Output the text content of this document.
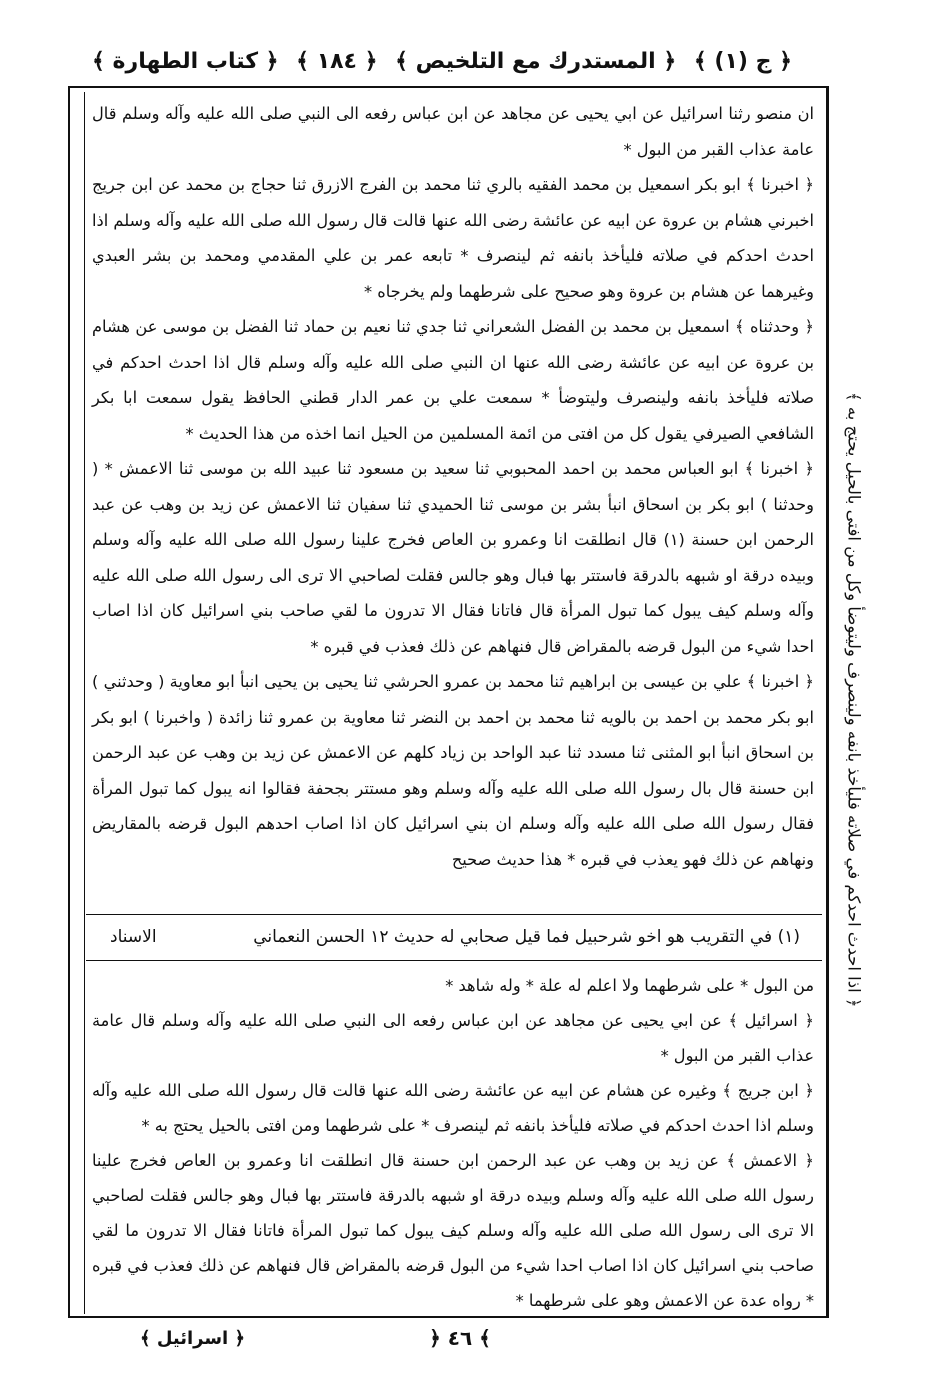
﴿ ج (١) ﴾
﴿ المستدرك مع التلخيص ﴾
﴿ ١٨٤ ﴾
﴿ كتاب الطهارة ﴾

ان منصو رثنا اسرائيل عن ابي يحيى عن مجاهد عن ابن عباس رفعه الى النبي صلى الله عليه وآله وسلم قال عامة عذاب القبر من البول *

﴿ اخبرنا ﴾ ابو بكر اسمعيل بن محمد الفقيه بالري ثنا محمد بن الفرج الازرق ثنا حجاج بن محمد عن ابن جريج اخبرني هشام بن عروة عن ابيه عن عائشة رضى الله عنها قالت قال رسول الله صلى الله عليه وآله وسلم اذا احدث احدكم في صلاته فليأخذ بانفه ثم لينصرف * تابعه عمر بن علي المقدمي ومحمد بن بشر العبدي وغيرهما عن هشام بن عروة وهو صحيح على شرطهما ولم يخرجاه *

﴿ وحدثناه ﴾ اسمعيل بن محمد بن الفضل الشعراني ثنا جدي ثنا نعيم بن حماد ثنا الفضل بن موسى عن هشام بن عروة عن ابيه عن عائشة رضى الله عنها ان النبي صلى الله عليه وآله وسلم قال اذا احدث احدكم في صلاته فليأخذ بانفه ولينصرف وليتوضأ * سمعت علي بن عمر الدار قطني الحافظ يقول سمعت ابا بكر الشافعي الصيرفي يقول كل من افتى من ائمة المسلمين من الحيل انما اخذه من هذا الحديث *

﴿ اخبرنا ﴾ ابو العباس محمد بن احمد المحبوبي ثنا سعيد بن مسعود ثنا عبيد الله بن موسى ثنا الاعمش * ( وحدثنا ) ابو بكر بن اسحاق انبأ بشر بن موسى ثنا الحميدي ثنا سفيان ثنا الاعمش عن زيد بن وهب عن عبد الرحمن ابن حسنة (١) قال انطلقت انا وعمرو بن العاص فخرج علينا رسول الله صلى الله عليه وآله وسلم وبيده درقة او شبهه بالدرقة فاستتر بها فبال وهو جالس فقلت لصاحبي الا ترى الى رسول الله صلى الله عليه وآله وسلم كيف يبول كما تبول المرأة قال فاتانا فقال الا تدرون ما لقي صاحب بني اسرائيل كان اذا اصاب احدا شيء من البول قرضه بالمقراض قال فنهاهم عن ذلك فعذب في قبره *

﴿ اخبرنا ﴾ علي بن عيسى بن ابراهيم ثنا محمد بن عمرو الحرشي ثنا يحيى بن يحيى انبأ ابو معاوية ( وحدثني ) ابو بكر محمد بن احمد بن بالويه ثنا محمد بن احمد بن النضر ثنا معاوية بن عمرو ثنا زائدة ( واخبرنا ) ابو بكر بن اسحاق انبأ ابو المثنى ثنا مسدد ثنا عبد الواحد بن زياد كلهم عن الاعمش عن زيد بن وهب عن عبد الرحمن ابن حسنة قال بال رسول الله صلى الله عليه وآله وسلم وهو مستتر بجحفة فقالوا انه يبول كما تبول المرأة فقال رسول الله صلى الله عليه وآله وسلم ان بني اسرائيل كان اذا اصاب احدهم البول قرضه بالمقاريض ونهاهم عن ذلك فهو يعذب في قبره * هذا حديث صحيح

(١) في التقريب هو اخو شرحبيل فما قيل صحابي له حديث ١٢ الحسن النعماني
الاسناد

من البول * على شرطهما ولا اعلم له علة * وله شاهد *

﴿ اسرائيل ﴾ عن ابي يحيى عن مجاهد عن ابن عباس رفعه الى النبي صلى الله عليه وآله وسلم قال عامة عذاب القبر من البول *

﴿ ابن جريج ﴾ وغيره عن هشام عن ابيه عن عائشة رضى الله عنها قالت قال رسول الله صلى الله عليه وآله وسلم اذا احدث احدكم في صلاته فليأخذ بانفه ثم لينصرف * على شرطهما ومن افتى بالحيل يحتج به *

﴿ الاعمش ﴾ عن زيد بن وهب عن عبد الرحمن ابن حسنة قال انطلقت انا وعمرو بن العاص فخرج علينا رسول الله صلى الله عليه وآله وسلم وبيده درقة او شبهه بالدرقة فاستتر بها فبال وهو جالس فقلت لصاحبي الا ترى الى رسول الله صلى الله عليه وآله وسلم كيف يبول كما تبول المرأة فاتانا فقال الا تدرون ما لقي صاحب بني اسرائيل كان اذا اصاب احدا شيء من البول قرضه بالمقراض قال فنهاهم عن ذلك فعذب في قبره * رواه عدة عن الاعمش وهو على شرطهما *

﴿ اذا احدث احدكم في صلاته فليأخذ بانفه ولينصرف وليتوضأ وكل من افتى بالحيل يحتج به ﴾
﴿ ٤٦ ﴾
﴿ اسرائيل ﴾
